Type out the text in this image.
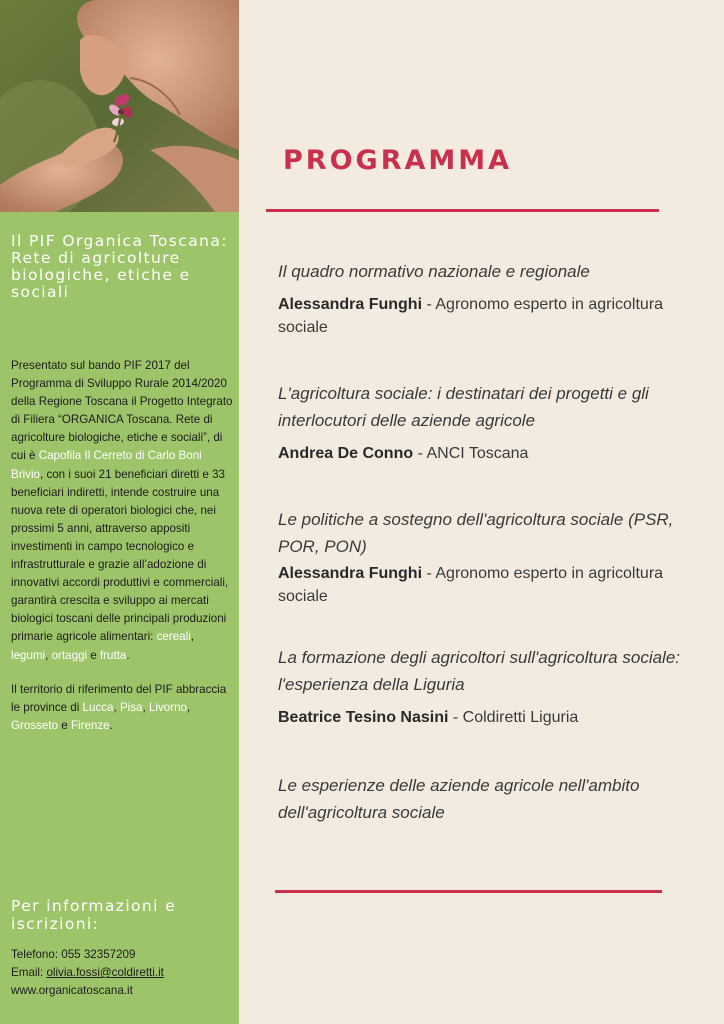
Il PIF Organica Toscana: Rete di agricolture biologiche, etiche e sociali

Presentato sul bando PIF 2017 del Programma di Sviluppo Rurale 2014/2020 della Regione Toscana il Progetto Integrato di Filiera “ORGANICA Toscana. Rete di agricolture biologiche, etiche e sociali”, di cui è Capofila Il Cerreto di Carlo Boni Brivio, con i suoi 21 beneficiari diretti e 33 beneficiari indiretti, intende costruire una nuova rete di operatori biologici che, nei prossimi 5 anni, attraverso appositi investimenti in campo tecnologico e infrastrutturale e grazie all’adozione di innovativi accordi produttivi e commerciali, garantirà crescita e sviluppo ai mercati biologici toscani delle principali produzioni primarie agricole alimentari: cereali, legumi, ortaggi e frutta.

Il territorio di riferimento del PIF abbraccia le province di Lucca, Pisa, Livorno, Grosseto e Firenze.

Per informazioni e iscrizioni:
Telefono: 055 32357209
Email: olivia.fossi@coldiretti.it
www.organicatoscana.it
PROGRAMMA
Il quadro normativo nazionale e regionale
Alessandra Funghi - Agronomo esperto in agricoltura sociale
L'agricoltura sociale: i destinatari dei progetti e gli interlocutori delle aziende agricole
Andrea De Conno - ANCI Toscana
Le politiche a sostegno dell'agricoltura sociale (PSR, POR, PON)
Alessandra Funghi - Agronomo esperto in agricoltura sociale
La formazione degli agricoltori sull'agricoltura sociale: l'esperienza della Liguria
Beatrice Tesino Nasini - Coldiretti Liguria
Le esperienze delle aziende agricole nell'ambito dell'agricoltura sociale
